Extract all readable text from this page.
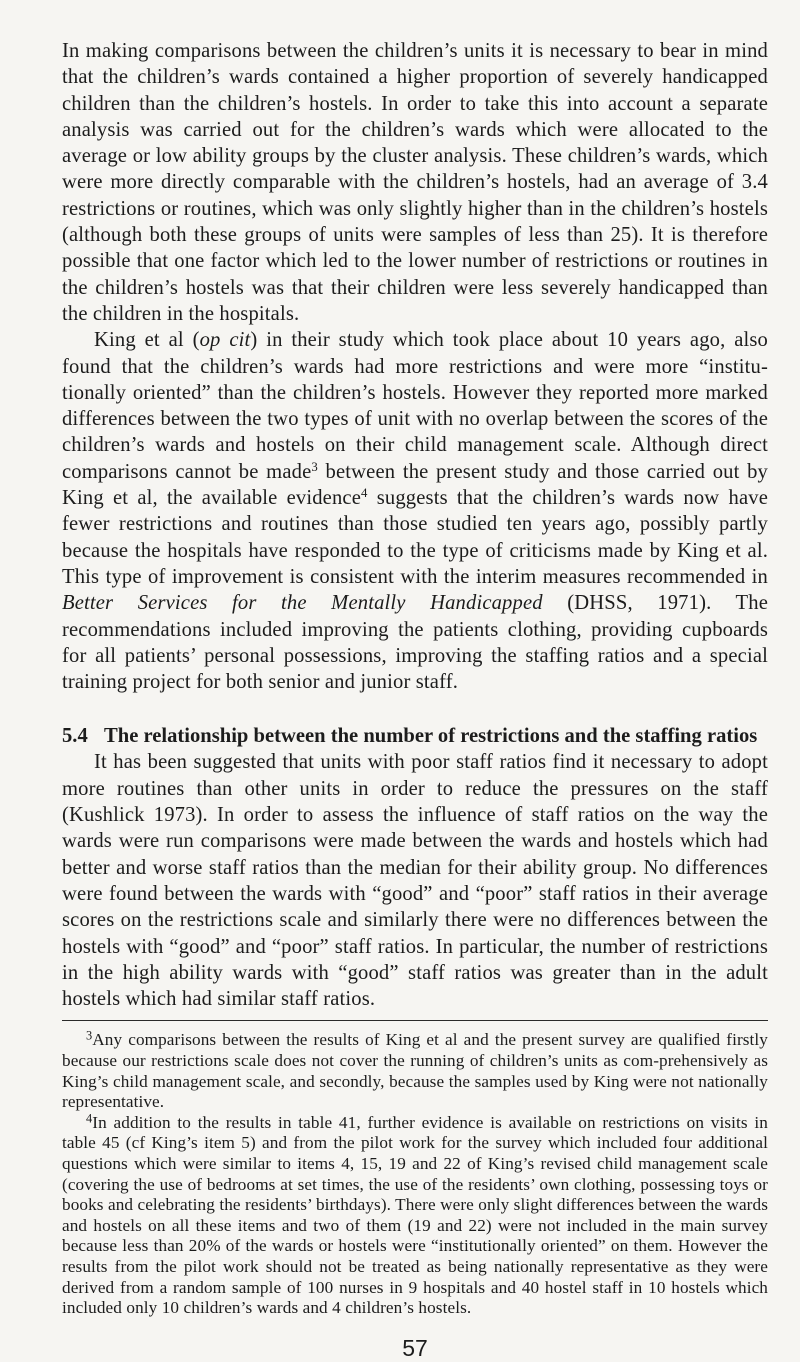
In making comparisons between the children’s units it is necessary to bear in mind that the children’s wards contained a higher proportion of severely handicapped children than the children’s hostels. In order to take this into account a separate analysis was carried out for the children’s wards which were allocated to the average or low ability groups by the cluster analysis. These children’s wards, which were more directly comparable with the children’s hostels, had an average of 3.4 restrictions or routines, which was only slightly higher than in the children’s hostels (although both these groups of units were samples of less than 25). It is therefore possible that one factor which led to the lower number of restrictions or routines in the children’s hostels was that their children were less severely handicapped than the children in the hospitals.

King et al (op cit) in their study which took place about 10 years ago, also found that the children’s wards had more restrictions and were more “institu-tionally oriented” than the children’s hostels. However they reported more marked differences between the two types of unit with no overlap between the scores of the children’s wards and hostels on their child management scale. Although direct comparisons cannot be made$^3$ between the present study and those carried out by King et al, the available evidence$^4$ suggests that the children’s wards now have fewer restrictions and routines than those studied ten years ago, possibly partly because the hospitals have responded to the type of criticisms made by King et al. This type of improvement is consistent with the interim measures recommended in Better Services for the Mentally Handicapped (DHSS, 1971). The recommendations included improving the patients clothing, providing cupboards for all patients’ personal possessions, improving the staffing ratios and a special training project for both senior and junior staff.

5.4 The relationship between the number of restrictions and the staffing ratios

It has been suggested that units with poor staff ratios find it necessary to adopt more routines than other units in order to reduce the pressures on the staff (Kushlick 1973). In order to assess the influence of staff ratios on the way the wards were run comparisons were made between the wards and hostels which had better and worse staff ratios than the median for their ability group. No differences were found between the wards with “good” and “poor” staff ratios in their average scores on the restrictions scale and similarly there were no differences between the hostels with “good” and “poor” staff ratios. In particular, the number of restrictions in the high ability wards with “good” staff ratios was greater than in the adult hostels which had similar staff ratios.

$^3$Any comparisons between the results of King et al and the present survey are qualified firstly because our restrictions scale does not cover the running of children’s units as com-prehensively as King’s child management scale, and secondly, because the samples used by King were not nationally representative.

$^4$In addition to the results in table 41, further evidence is available on restrictions on visits in table 45 (cf King’s item 5) and from the pilot work for the survey which included four additional questions which were similar to items 4, 15, 19 and 22 of King’s revised child management scale (covering the use of bedrooms at set times, the use of the residents’ own clothing, possessing toys or books and celebrating the residents’ birthdays). There were only slight differences between the wards and hostels on all these items and two of them (19 and 22) were not included in the main survey because less than 20% of the wards or hostels were “institutionally oriented” on them. However the results from the pilot work should not be treated as being nationally representative as they were derived from a random sample of 100 nurses in 9 hospitals and 40 hostel staff in 10 hostels which included only 10 children’s wards and 4 children’s hostels.

57
